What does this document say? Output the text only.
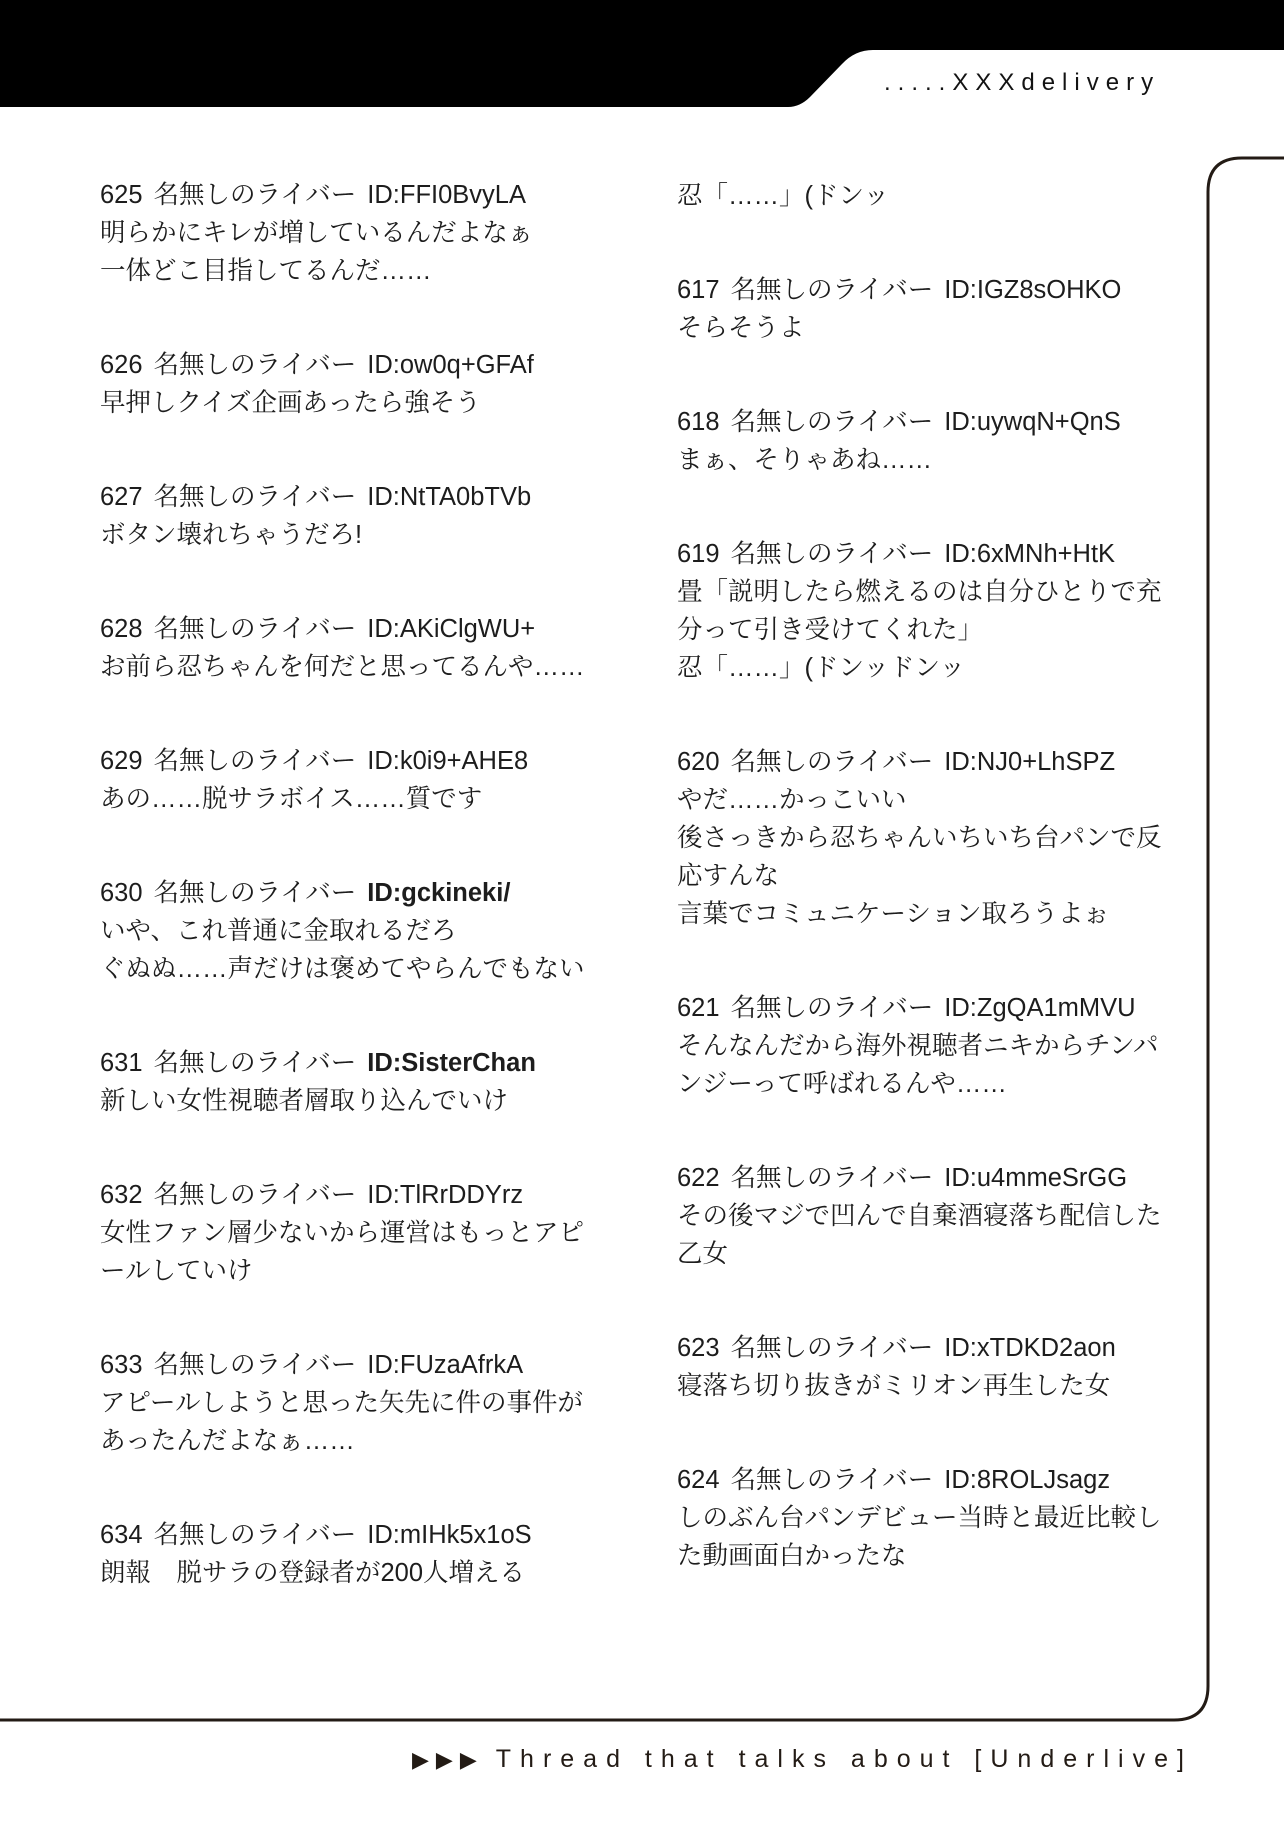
.....XXXdelivery
625 名無しのライバー ID:FFI0BvyLA
明らかにキレが増しているんだよなぁ
一体どこ目指してるんだ……
626 名無しのライバー ID:ow0q+GFAf
早押しクイズ企画あったら強そう
627 名無しのライバー ID:NtTA0bTVb
ボタン壊れちゃうだろ!
628 名無しのライバー ID:AKiClgWU+
お前ら忍ちゃんを何だと思ってるんや……
629 名無しのライバー ID:k0i9+AHE8
あの……脱サラボイス……質です
630 名無しのライバー ID:gckineki/
いや、これ普通に金取れるだろ
ぐぬぬ……声だけは褒めてやらんでもない
631 名無しのライバー ID:SisterChan
新しい女性視聴者層取り込んでいけ
632 名無しのライバー ID:TlRrDDYrz
女性ファン層少ないから運営はもっとアピ
ールしていけ
633 名無しのライバー ID:FUzaAfrkA
アピールしようと思った矢先に件の事件が
あったんだよなぁ……
634 名無しのライバー ID:mIHk5x1oS
朗報　脱サラの登録者が200人増える
忍「……」(ドンッ
617 名無しのライバー ID:IGZ8sOHKO
そらそうよ
618 名無しのライバー ID:uywqN+QnS
まぁ、そりゃあね……
619 名無しのライバー ID:6xMNh+HtK
畳「説明したら燃えるのは自分ひとりで充
分って引き受けてくれた」
忍「……」(ドンッドンッ
620 名無しのライバー ID:NJ0+LhSPZ
やだ……かっこいい
後さっきから忍ちゃんいちいち台パンで反
応すんな
言葉でコミュニケーション取ろうよぉ
621 名無しのライバー ID:ZgQA1mMVU
そんなんだから海外視聴者ニキからチンパ
ンジーって呼ばれるんや……
622 名無しのライバー ID:u4mmeSrGG
その後マジで凹んで自棄酒寝落ち配信した
乙女
623 名無しのライバー ID:xTDKD2aon
寝落ち切り抜きがミリオン再生した女
624 名無しのライバー ID:8ROLJsagz
しのぶん台パンデビュー当時と最近比較し
た動画面白かったな
▶▶▶ Thread that talks about [Underlive]
